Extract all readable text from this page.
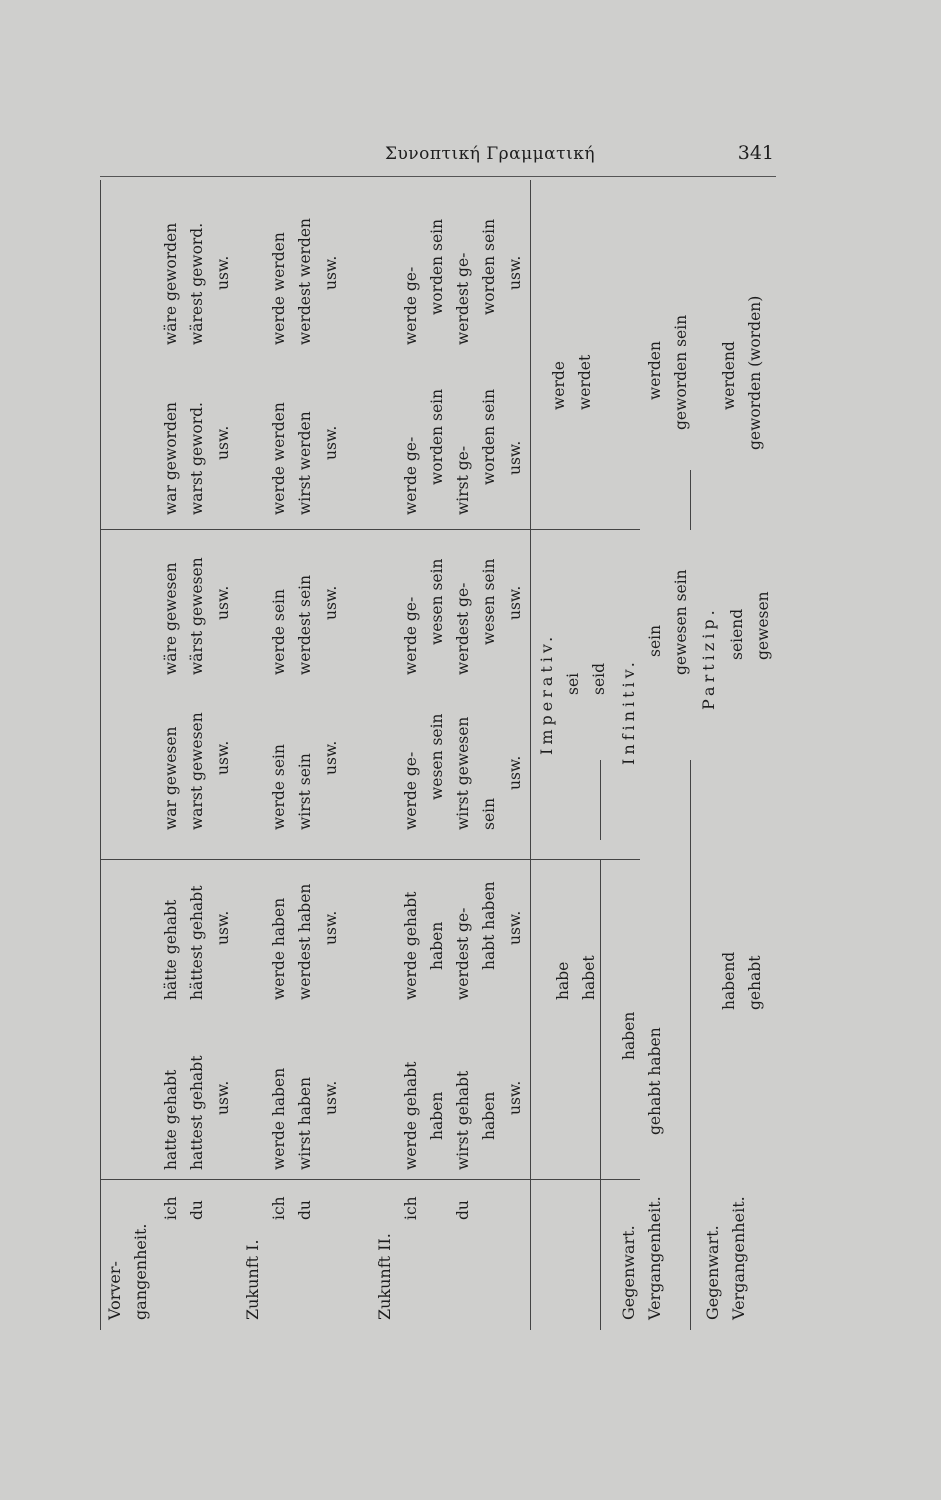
Συνοπτική Γραμματική	341
Vorver- gangenheit.
ich du
hatte gehabt hattest gehabt usw.
hätte gehabt hättest gehabt usw.
war gewesen warst gewesen usw.
wäre gewesen wärst gewesen usw.
war geworden warst geword. usw.
wäre geworden wärest geword. usw.
Zukunft I.
ich du
werde haben wirst haben usw.
werde haben werdest haben usw.
werde sein wirst sein usw.
werde sein werdest sein usw.
werde werden wirst werden usw.
werde werden werdest werden usw.
Zukunft II.
ich du
werde gehabt haben wirst gehabt haben usw.
werde gehabt haben werdest ge- habt haben usw.
werde ge- wesen sein wirst gewesen sein
usw.
werde ge- wesen sein werdest ge- wesen sein usw.
werde ge- worden sein wirst ge- worden sein usw.
werde ge- worden sein werdest ge- worden sein usw.
Imperativ.
habe habet
sei seid
werde werdet
Gegenwart. Vergangenheit.
Infinitiv.
haben gehabt haben
sein gewesen sein
werden geworden sein
Gegenwart. Vergangenheit.
Partizip.
habend gehabt
seiend gewesen
werdend geworden (worden)
